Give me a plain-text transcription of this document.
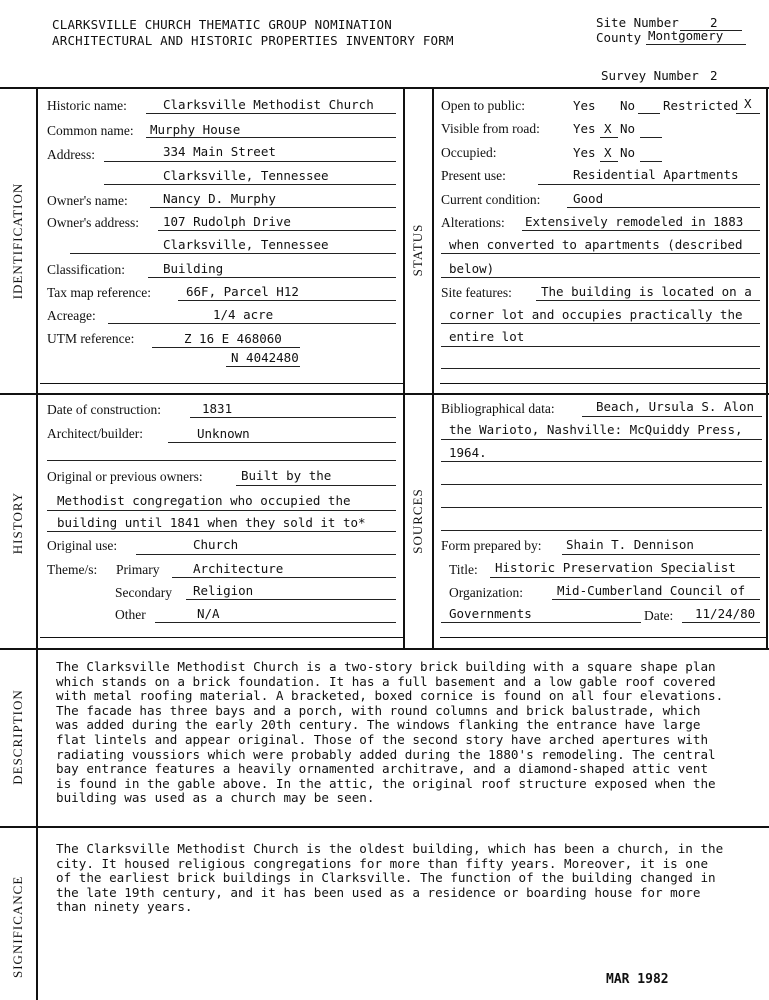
CLARKSVILLE CHURCH THEMATIC GROUP NOMINATION
ARCHITECTURAL AND HISTORIC PROPERTIES INVENTORY FORM
Site Number 2
County Montgomery
Survey Number 2
IDENTIFICATION	STATUS
HISTORY	SOURCES
DESCRIPTION
SIGNIFICANCE
Historic name:	Clarksville Methodist Church
Common name: Murphy House
Address:	334 Main Street
Clarksville, Tennessee
Owner's name:	Nancy D. Murphy
Owner's address: 107 Rudolph Drive
Clarksville, Tennessee
Classification:	Building
Tax map reference:	66F, Parcel H12
Acreage:	1/4 acre
UTM reference:	Z 16 E 468060
N 4042480
Open to public:	Yes No Restricted X
Visible from road:	Yes X No
Occupied:	Yes X No
Present use:	Residential Apartments
Current condition:	Good
Alterations: Extensively remodeled in 1883
when converted to apartments (described
below)
Site features: The building is located on a
corner lot and occupies practically the
entire lot
Date of construction:	1831
Architect/builder:	Unknown
Original or previous owners:	Built by the
Methodist congregation who occupied the
building until 1841 when they sold it to*
Original use:	Church
Theme/s: Primary	Architecture
Secondary Religion
Other	N/A
Bibliographical data:	Beach, Ursula S. Alon
the Warioto, Nashville: McQuiddy Press,
1964.
Form prepared by: Shain T. Dennison
Title: Historic Preservation Specialist
Organization:	Mid-Cumberland Council of
Governments	Date: 11/24/80
The Clarksville Methodist Church is a two-story brick building with a square shape plan
which stands on a brick foundation. It has a full basement and a low gable roof covered
with metal roofing material. A bracketed, boxed cornice is found on all four elevations.
The facade has three bays and a porch, with round columns and brick balustrade, which
was added during the early 20th century. The windows flanking the entrance have large
flat lintels and appear original. Those of the second story have arched apertures with
radiating voussiors which were probably added during the 1880's remodeling. The central
bay entrance features a heavily ornamented architrave, and a diamond-shaped attic vent
is found in the gable above. In the attic, the original roof structure exposed when the
building was used as a church may be seen.
The Clarksville Methodist Church is the oldest building, which has been a church, in the
city. It housed religious congregations for more than fifty years. Moreover, it is one
of the earliest brick buildings in Clarksville. The function of the building changed in
the late 19th century, and it has been used as a residence or boarding house for more
than ninety years.
MAR 1982
